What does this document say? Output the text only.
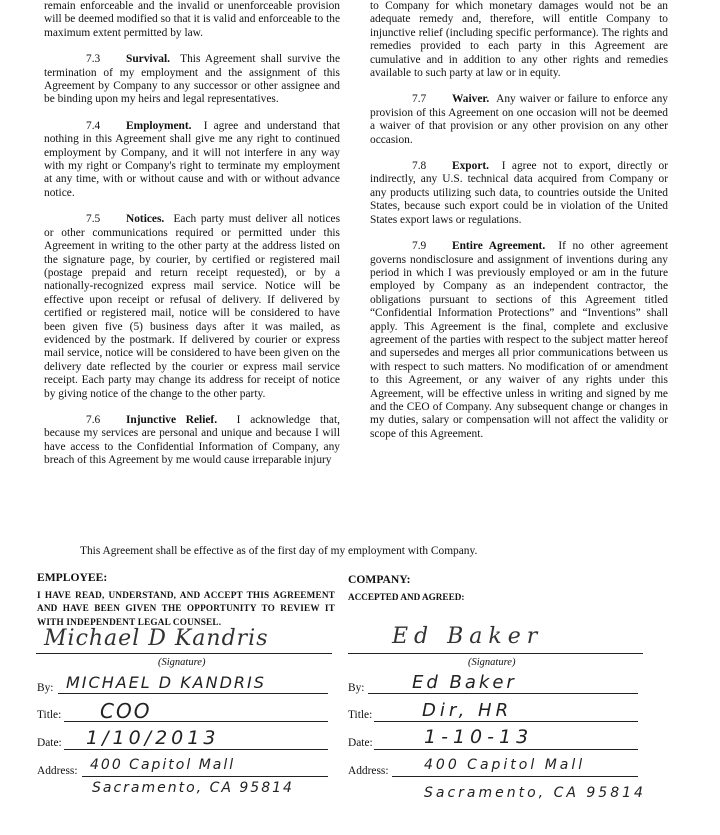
remain enforceable and the invalid or unenforceable provision will be deemed modified so that it is valid and enforceable to the maximum extent permitted by law.

7.3 Survival. This Agreement shall survive the termination of my employment and the assignment of this Agreement by Company to any successor or other assignee and be binding upon my heirs and legal representatives.

7.4 Employment. I agree and understand that nothing in this Agreement shall give me any right to continued employment by Company, and it will not interfere in any way with my right or Company's right to terminate my employment at any time, with or without cause and with or without advance notice.

7.5 Notices. Each party must deliver all notices or other communications required or permitted under this Agreement in writing to the other party at the address listed on the signature page, by courier, by certified or registered mail (postage prepaid and return receipt requested), or by a nationally-recognized express mail service. Notice will be effective upon receipt or refusal of delivery. If delivered by certified or registered mail, notice will be considered to have been given five (5) business days after it was mailed, as evidenced by the postmark. If delivered by courier or express mail service, notice will be considered to have been given on the delivery date reflected by the courier or express mail service receipt. Each party may change its address for receipt of notice by giving notice of the change to the other party.

7.6 Injunctive Relief. I acknowledge that, because my services are personal and unique and because I will have access to the Confidential Information of Company, any breach of this Agreement by me would cause irreparable injury

to Company for which monetary damages would not be an adequate remedy and, therefore, will entitle Company to injunctive relief (including specific performance). The rights and remedies provided to each party in this Agreement are cumulative and in addition to any other rights and remedies available to such party at law or in equity.

7.7 Waiver. Any waiver or failure to enforce any provision of this Agreement on one occasion will not be deemed a waiver of that provision or any other provision on any other occasion.

7.8 Export. I agree not to export, directly or indirectly, any U.S. technical data acquired from Company or any products utilizing such data, to countries outside the United States, because such export could be in violation of the United States export laws or regulations.

7.9 Entire Agreement. If no other agreement governs nondisclosure and assignment of inventions during any period in which I was previously employed or am in the future employed by Company as an independent contractor, the obligations pursuant to sections of this Agreement titled “Confidential Information Protections” and “Inventions” shall apply. This Agreement is the final, complete and exclusive agreement of the parties with respect to the subject matter hereof and supersedes and merges all prior communications between us with respect to such matters. No modification of or amendment to this Agreement, or any waiver of any rights under this Agreement, will be effective unless in writing and signed by me and the CEO of Company. Any subsequent change or changes in my duties, salary or compensation will not affect the validity or scope of this Agreement.

This Agreement shall be effective as of the first day of my employment with Company.
EMPLOYEE:
I HAVE READ, UNDERSTAND, AND ACCEPT THIS AGREEMENT AND HAVE BEEN GIVEN THE OPPORTUNITY TO REVIEW IT WITH INDEPENDENT LEGAL COUNSEL.
Michael D Kandris
(Signature)
By: MICHAEL D KANDRIS
Title: COO
Date: 1/10/2013
Address: 400 Capitol Mall
Sacramento, CA 95814
COMPANY:
ACCEPTED AND AGREED:
Ed Baker
(Signature)
By:	Ed Baker
Title:	Dir, HR
Date:	1-10-13
Address:	400 Capitol Mall
Sacramento, CA 95814
